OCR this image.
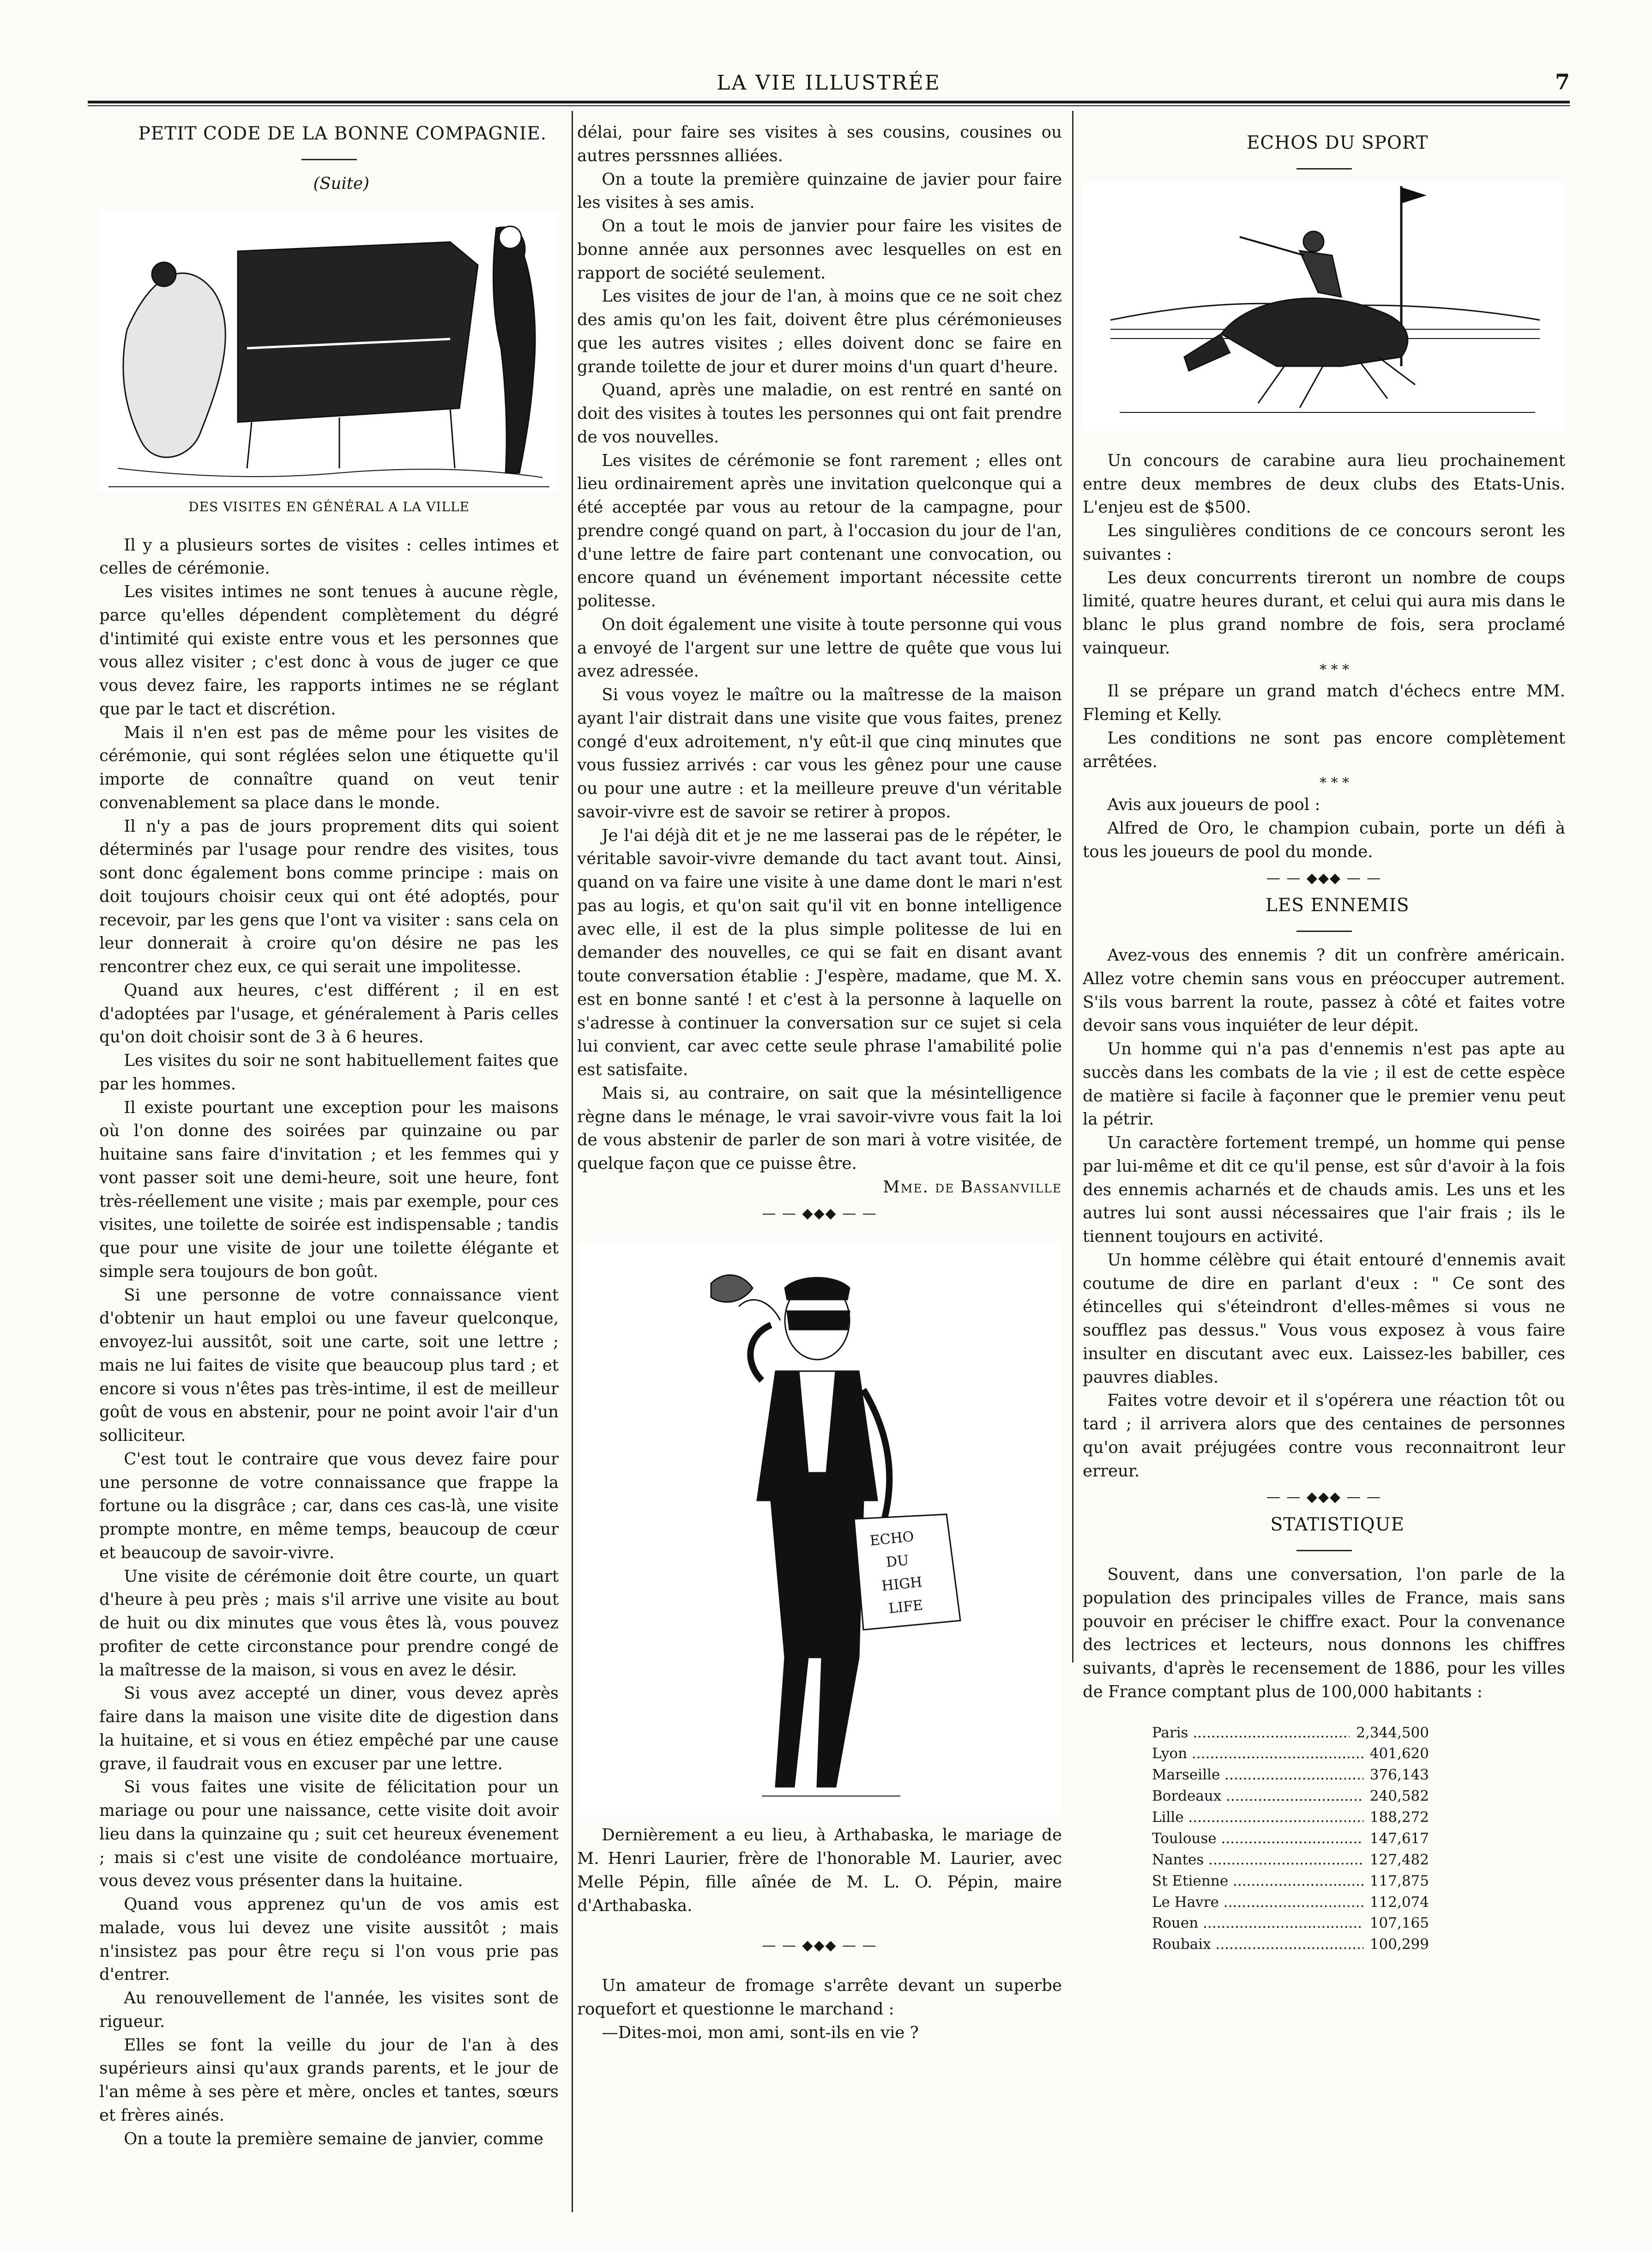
LA VIE ILLUSTRÉE	7

PETIT CODE DE LA BONNE COMPAGNIE.

(Suite)

DES VISITES EN GÉNÉRAL A LA VILLE

Il y a plusieurs sortes de visites : celles intimes et celles de cérémonie.

Les visites intimes ne sont tenues à aucune règle, parce qu'elles dépendent complètement du dégré d'intimité qui existe entre vous et les personnes que vous allez visiter ; c'est donc à vous de juger ce que vous devez faire, les rapports intimes ne se réglant que par le tact et discrétion.

Mais il n'en est pas de même pour les visites de cérémonie, qui sont réglées selon une étiquette qu'il importe de connaître quand on veut tenir convenablement sa place dans le monde.

Il n'y a pas de jours proprement dits qui soient déterminés par l'usage pour rendre des visites, tous sont donc également bons comme principe : mais on doit toujours choisir ceux qui ont été adoptés, pour recevoir, par les gens que l'ont va visiter : sans cela on leur donnerait à croire qu'on désire ne pas les rencontrer chez eux, ce qui serait une impolitesse.

Quand aux heures, c'est différent ; il en est d'adoptées par l'usage, et généralement à Paris celles qu'on doit choisir sont de 3 à 6 heures.

Les visites du soir ne sont habituellement faites que par les hommes.

Il existe pourtant une exception pour les maisons où l'on donne des soirées par quinzaine ou par huitaine sans faire d'invitation ; et les femmes qui y vont passer soit une demi-heure, soit une heure, font très-réellement une visite ; mais par exemple, pour ces visites, une toilette de soirée est indispensable ; tandis que pour une visite de jour une toilette élégante et simple sera toujours de bon goût.

Si une personne de votre connaissance vient d'obtenir un haut emploi ou une faveur quelconque, envoyez-lui aussitôt, soit une carte, soit une lettre ; mais ne lui faites de visite que beaucoup plus tard ; et encore si vous n'êtes pas très-intime, il est de meilleur goût de vous en abstenir, pour ne point avoir l'air d'un solliciteur.

C'est tout le contraire que vous devez faire pour une personne de votre connaissance que frappe la fortune ou la disgrâce ; car, dans ces cas-là, une visite prompte montre, en même temps, beaucoup de cœur et beaucoup de savoir-vivre.

Une visite de cérémonie doit être courte, un quart d'heure à peu près ; mais s'il arrive une visite au bout de huit ou dix minutes que vous êtes là, vous pouvez profiter de cette circonstance pour prendre congé de la maîtresse de la maison, si vous en avez le désir.

Si vous avez accepté un diner, vous devez après faire dans la maison une visite dite de digestion dans la huitaine, et si vous en étiez empêché par une cause grave, il faudrait vous en excuser par une lettre.

Si vous faites une visite de félicitation pour un mariage ou pour une naissance, cette visite doit avoir lieu dans la quinzaine qu ; suit cet heureux évenement ; mais si c'est une visite de condoléance mortuaire, vous devez vous présenter dans la huitaine.

Quand vous apprenez qu'un de vos amis est malade, vous lui devez une visite aussitôt ; mais n'insistez pas pour être reçu si l'on vous prie pas d'entrer.

Au renouvellement de l'année, les visites sont de rigueur.

Elles se font la veille du jour de l'an à des supérieurs ainsi qu'aux grands parents, et le jour de l'an même à ses père et mère, oncles et tantes, sœurs et frères ainés.

On a toute la première semaine de janvier, comme

délai, pour faire ses visites à ses cousins, cousines ou autres perssnnes alliées.

On a toute la première quinzaine de javier pour faire les visites à ses amis.

On a tout le mois de janvier pour faire les visites de bonne année aux personnes avec lesquelles on est en rapport de société seulement.

Les visites de jour de l'an, à moins que ce ne soit chez des amis qu'on les fait, doivent être plus cérémonieuses que les autres visites ; elles doivent donc se faire en grande toilette de jour et durer moins d'un quart d'heure.

Quand, après une maladie, on est rentré en santé on doit des visites à toutes les personnes qui ont fait prendre de vos nouvelles.

Les visites de cérémonie se font rarement ; elles ont lieu ordinairement après une invitation quelconque qui a été acceptée par vous au retour de la campagne, pour prendre congé quand on part, à l'occasion du jour de l'an, d'une lettre de faire part contenant une convocation, ou encore quand un événement important nécessite cette politesse.

On doit également une visite à toute personne qui vous a envoyé de l'argent sur une lettre de quête que vous lui avez adressée.

Si vous voyez le maître ou la maîtresse de la maison ayant l'air distrait dans une visite que vous faites, prenez congé d'eux adroitement, n'y eût-il que cinq minutes que vous fussiez arrivés : car vous les gênez pour une cause ou pour une autre : et la meilleure preuve d'un véritable savoir-vivre est de savoir se retirer à propos.

Je l'ai déjà dit et je ne me lasserai pas de le répéter, le véritable savoir-vivre demande du tact avant tout. Ainsi, quand on va faire une visite à une dame dont le mari n'est pas au logis, et qu'on sait qu'il vit en bonne intelligence avec elle, il est de la plus simple politesse de lui en demander des nouvelles, ce qui se fait en disant avant toute conversation établie : J'espère, madame, que M. X. est en bonne santé ! et c'est à la personne à laquelle on s'adresse à continuer la conversation sur ce sujet si cela lui convient, car avec cette seule phrase l'amabilité polie est satisfaite.

Mais si, au contraire, on sait que la mésintelligence règne dans le ménage, le vrai savoir-vivre vous fait la loi de vous abstenir de parler de son mari à votre visitée, de quelque façon que ce puisse être.

Mme. de Bassanville

— — ◆◆◆ — —
ECHO
DU
HIGH
LIFE

Dernièrement a eu lieu, à Arthabaska, le mariage de M. Henri Laurier, frère de l'honorable M. Laurier, avec Melle Pépin, fille aînée de M. L. O. Pépin, maire d'Arthabaska.

— — ◆◆◆ — —

Un amateur de fromage s'arrête devant un superbe roquefort et questionne le marchand :

—Dites-moi, mon ami, sont-ils en vie ?

ECHOS DU SPORT

Un concours de carabine aura lieu prochainement entre deux membres de deux clubs des Etats-Unis. L'enjeu est de $500.

Les singulières conditions de ce concours seront les suivantes :

Les deux concurrents tireront un nombre de coups limité, quatre heures durant, et celui qui aura mis dans le blanc le plus grand nombre de fois, sera proclamé vainqueur.

* * *

Il se prépare un grand match d'échecs entre MM. Fleming et Kelly.

Les conditions ne sont pas encore complètement arrêtées.

* * *

Avis aux joueurs de pool :

Alfred de Oro, le champion cubain, porte un défi à tous les joueurs de pool du monde.

— — ◆◆◆ — —

LES ENNEMIS

Avez-vous des ennemis ? dit un confrère américain. Allez votre chemin sans vous en préoccuper autrement. S'ils vous barrent la route, passez à côté et faites votre devoir sans vous inquiéter de leur dépit.

Un homme qui n'a pas d'ennemis n'est pas apte au succès dans les combats de la vie ; il est de cette espèce de matière si facile à façonner que le premier venu peut la pétrir.

Un caractère fortement trempé, un homme qui pense par lui-même et dit ce qu'il pense, est sûr d'avoir à la fois des ennemis acharnés et de chauds amis. Les uns et les autres lui sont aussi nécessaires que l'air frais ; ils le tiennent toujours en activité.

Un homme célèbre qui était entouré d'ennemis avait coutume de dire en parlant d'eux : " Ce sont des étincelles qui s'éteindront d'elles-mêmes si vous ne soufflez pas dessus." Vous vous exposez à vous faire insulter en discutant avec eux. Laissez-les babiller, ces pauvres diables.

Faites votre devoir et il s'opérera une réaction tôt ou tard ; il arrivera alors que des centaines de personnes qu'on avait préjugées contre vous reconnaitront leur erreur.

— — ◆◆◆ — —

STATISTIQUE

Souvent, dans une conversation, l'on parle de la population des principales villes de France, mais sans pouvoir en préciser le chiffre exact. Pour la convenance des lectrices et lecteurs, nous donnons les chiffres suivants, d'après le recensement de 1886, pour les villes de France comptant plus de 100,000 habitants :

Paris .....	2,344,500
Lyon .....	401,620
Marseille .....	376,143
Bordeaux .....	240,582
Lille .....	188,272
Toulouse .....	147,617
Nantes .....	127,482
St Etienne .....	117,875
Le Havre .....	112,074
Rouen .....	107,165
Roubaix .....	100,299
